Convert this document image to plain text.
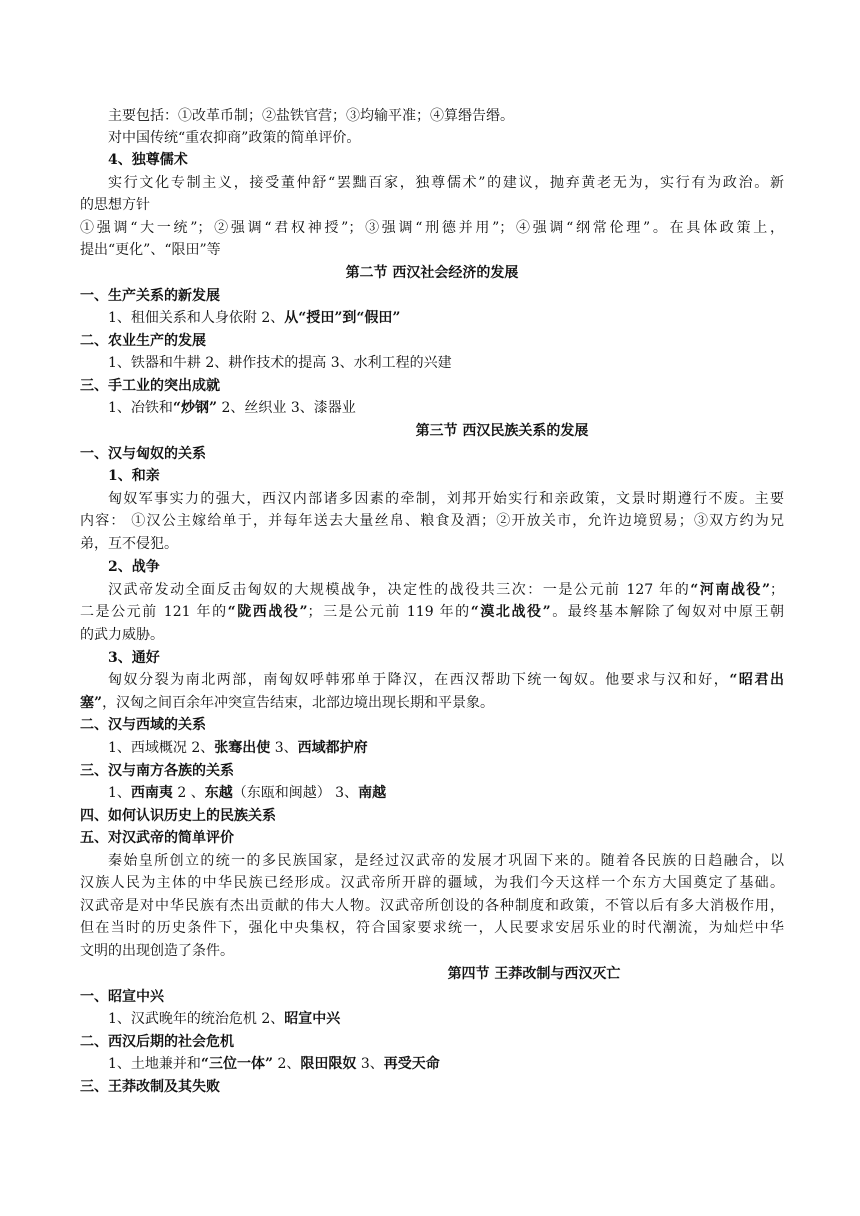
主要包括：①改革币制；②盐铁官营；③均输平准；④算缗告缗。
对中国传统“重农抑商”政策的简单评价。
4、独尊儒术
实行文化专制主义，接受董仲舒“罢黜百家，独尊儒术”的建议，抛弃黄老无为，实行有为政治。新
的思想方针
①强调“大一统”；②强调“君权神授”；③强调“刑德并用”；④强调“纲常伦理”。在具体政策上，
提出“更化”、“限田”等
第二节 西汉社会经济的发展
一、生产关系的新发展
1、租佃关系和人身依附 2、从“授田”到“假田”
二、农业生产的发展
1、铁器和牛耕 2、耕作技术的提高 3、水利工程的兴建
三、手工业的突出成就
1、冶铁和“炒钢” 2、丝织业 3、漆器业
第三节 西汉民族关系的发展
一、汉与匈奴的关系
1、和亲
匈奴军事实力的强大，西汉内部诸多因素的牵制，刘邦开始实行和亲政策，文景时期遵行不废。主要
内容： ①汉公主嫁给单于，并每年送去大量丝帛、粮食及酒；②开放关市，允许边境贸易；③双方约为兄
弟，互不侵犯。
2、战争
汉武帝发动全面反击匈奴的大规模战争，决定性的战役共三次：一是公元前 127 年的“河南战役”；
二是公元前 121 年的“陇西战役”；三是公元前 119 年的“漠北战役”。最终基本解除了匈奴对中原王朝
的武力威胁。
3、通好
匈奴分裂为南北两部，南匈奴呼韩邪单于降汉，在西汉帮助下统一匈奴。他要求与汉和好，“昭君出
塞”，汉匈之间百余年冲突宣告结束，北部边境出现长期和平景象。
二、汉与西域的关系
1、西域概况 2、张骞出使 3、西域都护府
三、汉与南方各族的关系
1、西南夷 2 、东越（东瓯和闽越） 3、南越
四、如何认识历史上的民族关系
五、对汉武帝的简单评价
秦始皇所创立的统一的多民族国家，是经过汉武帝的发展才巩固下来的。随着各民族的日趋融合，以
汉族人民为主体的中华民族已经形成。汉武帝所开辟的疆域，为我们今天这样一个东方大国奠定了基础。
汉武帝是对中华民族有杰出贡献的伟大人物。汉武帝所创设的各种制度和政策，不管以后有多大消极作用，
但在当时的历史条件下，强化中央集权，符合国家要求统一，人民要求安居乐业的时代潮流，为灿烂中华
文明的出现创造了条件。
第四节 王莽改制与西汉灭亡
一、昭宣中兴
1、汉武晚年的统治危机 2、昭宣中兴
二、西汉后期的社会危机
1、土地兼并和“三位一体” 2、限田限奴 3、再受天命
三、王莽改制及其失败
